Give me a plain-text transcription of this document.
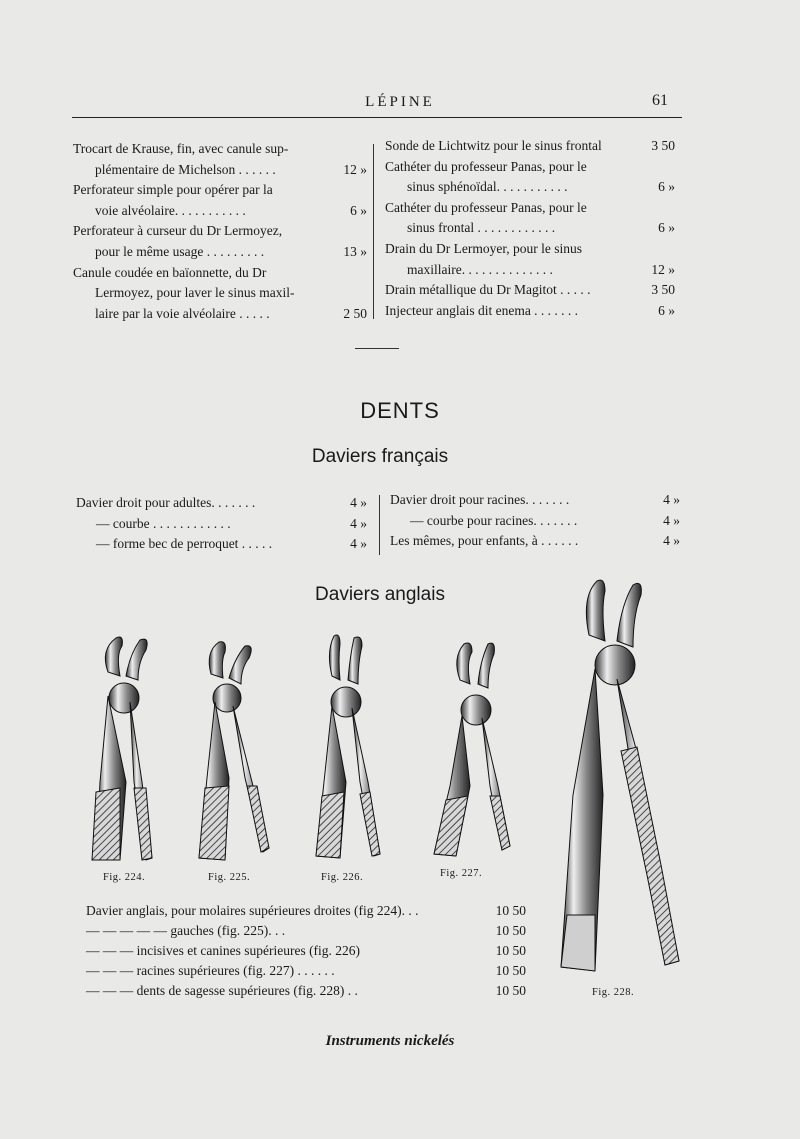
LÉPINE	61
Trocart de Krause, fin, avec canule sup-
plémentaire de Michelson . . . . . .	12 »
Perforateur simple pour opérer par la
voie alvéolaire. . . . . . . . . . .	6 »
Perforateur à curseur du Dr Lermoyez,
pour le même usage . . . . . . . . .	13 »
Canule coudée en baïonnette, du Dr
Lermoyez, pour laver le sinus maxil-
laire par la voie alvéolaire . . . . .	2 50
Sonde de Lichtwitz pour le sinus frontal	3 50
Cathéter du professeur Panas, pour le
sinus sphénoïdal. . . . . . . . . . .	6 »
Cathéter du professeur Panas, pour le
sinus frontal . . . . . . . . . . . .	6 »
Drain du Dr Lermoyer, pour le sinus
maxillaire. . . . . . . . . . . . . .	12 »
Drain métallique du Dr Magitot . . . . .	3 50
Injecteur anglais dit enema . . . . . . .	6 »
DENTS
Daviers français
Davier droit pour adultes. . . . . . .	4 »
— courbe . . . . . . . . . . . .	4 »
— forme bec de perroquet . . . . .	4 »
Davier droit pour racines. . . . . . .	4 »
— courbe pour racines. . . . . . .	4 »
Les mêmes, pour enfants, à . . . . . .	4 »
Daviers anglais
Fig. 224.	Fig. 225.	Fig. 226.	Fig. 227.
Fig. 228.
Davier anglais, pour molaires supérieures droites (fig 224). . .	10 50
— — — — — gauches (fig. 225). . .	10 50
— — — incisives et canines supérieures (fig. 226)	10 50
— — — racines supérieures (fig. 227) . . . . . .	10 50
— — — dents de sagesse supérieures (fig. 228) . .	10 50
Instruments nickelés
